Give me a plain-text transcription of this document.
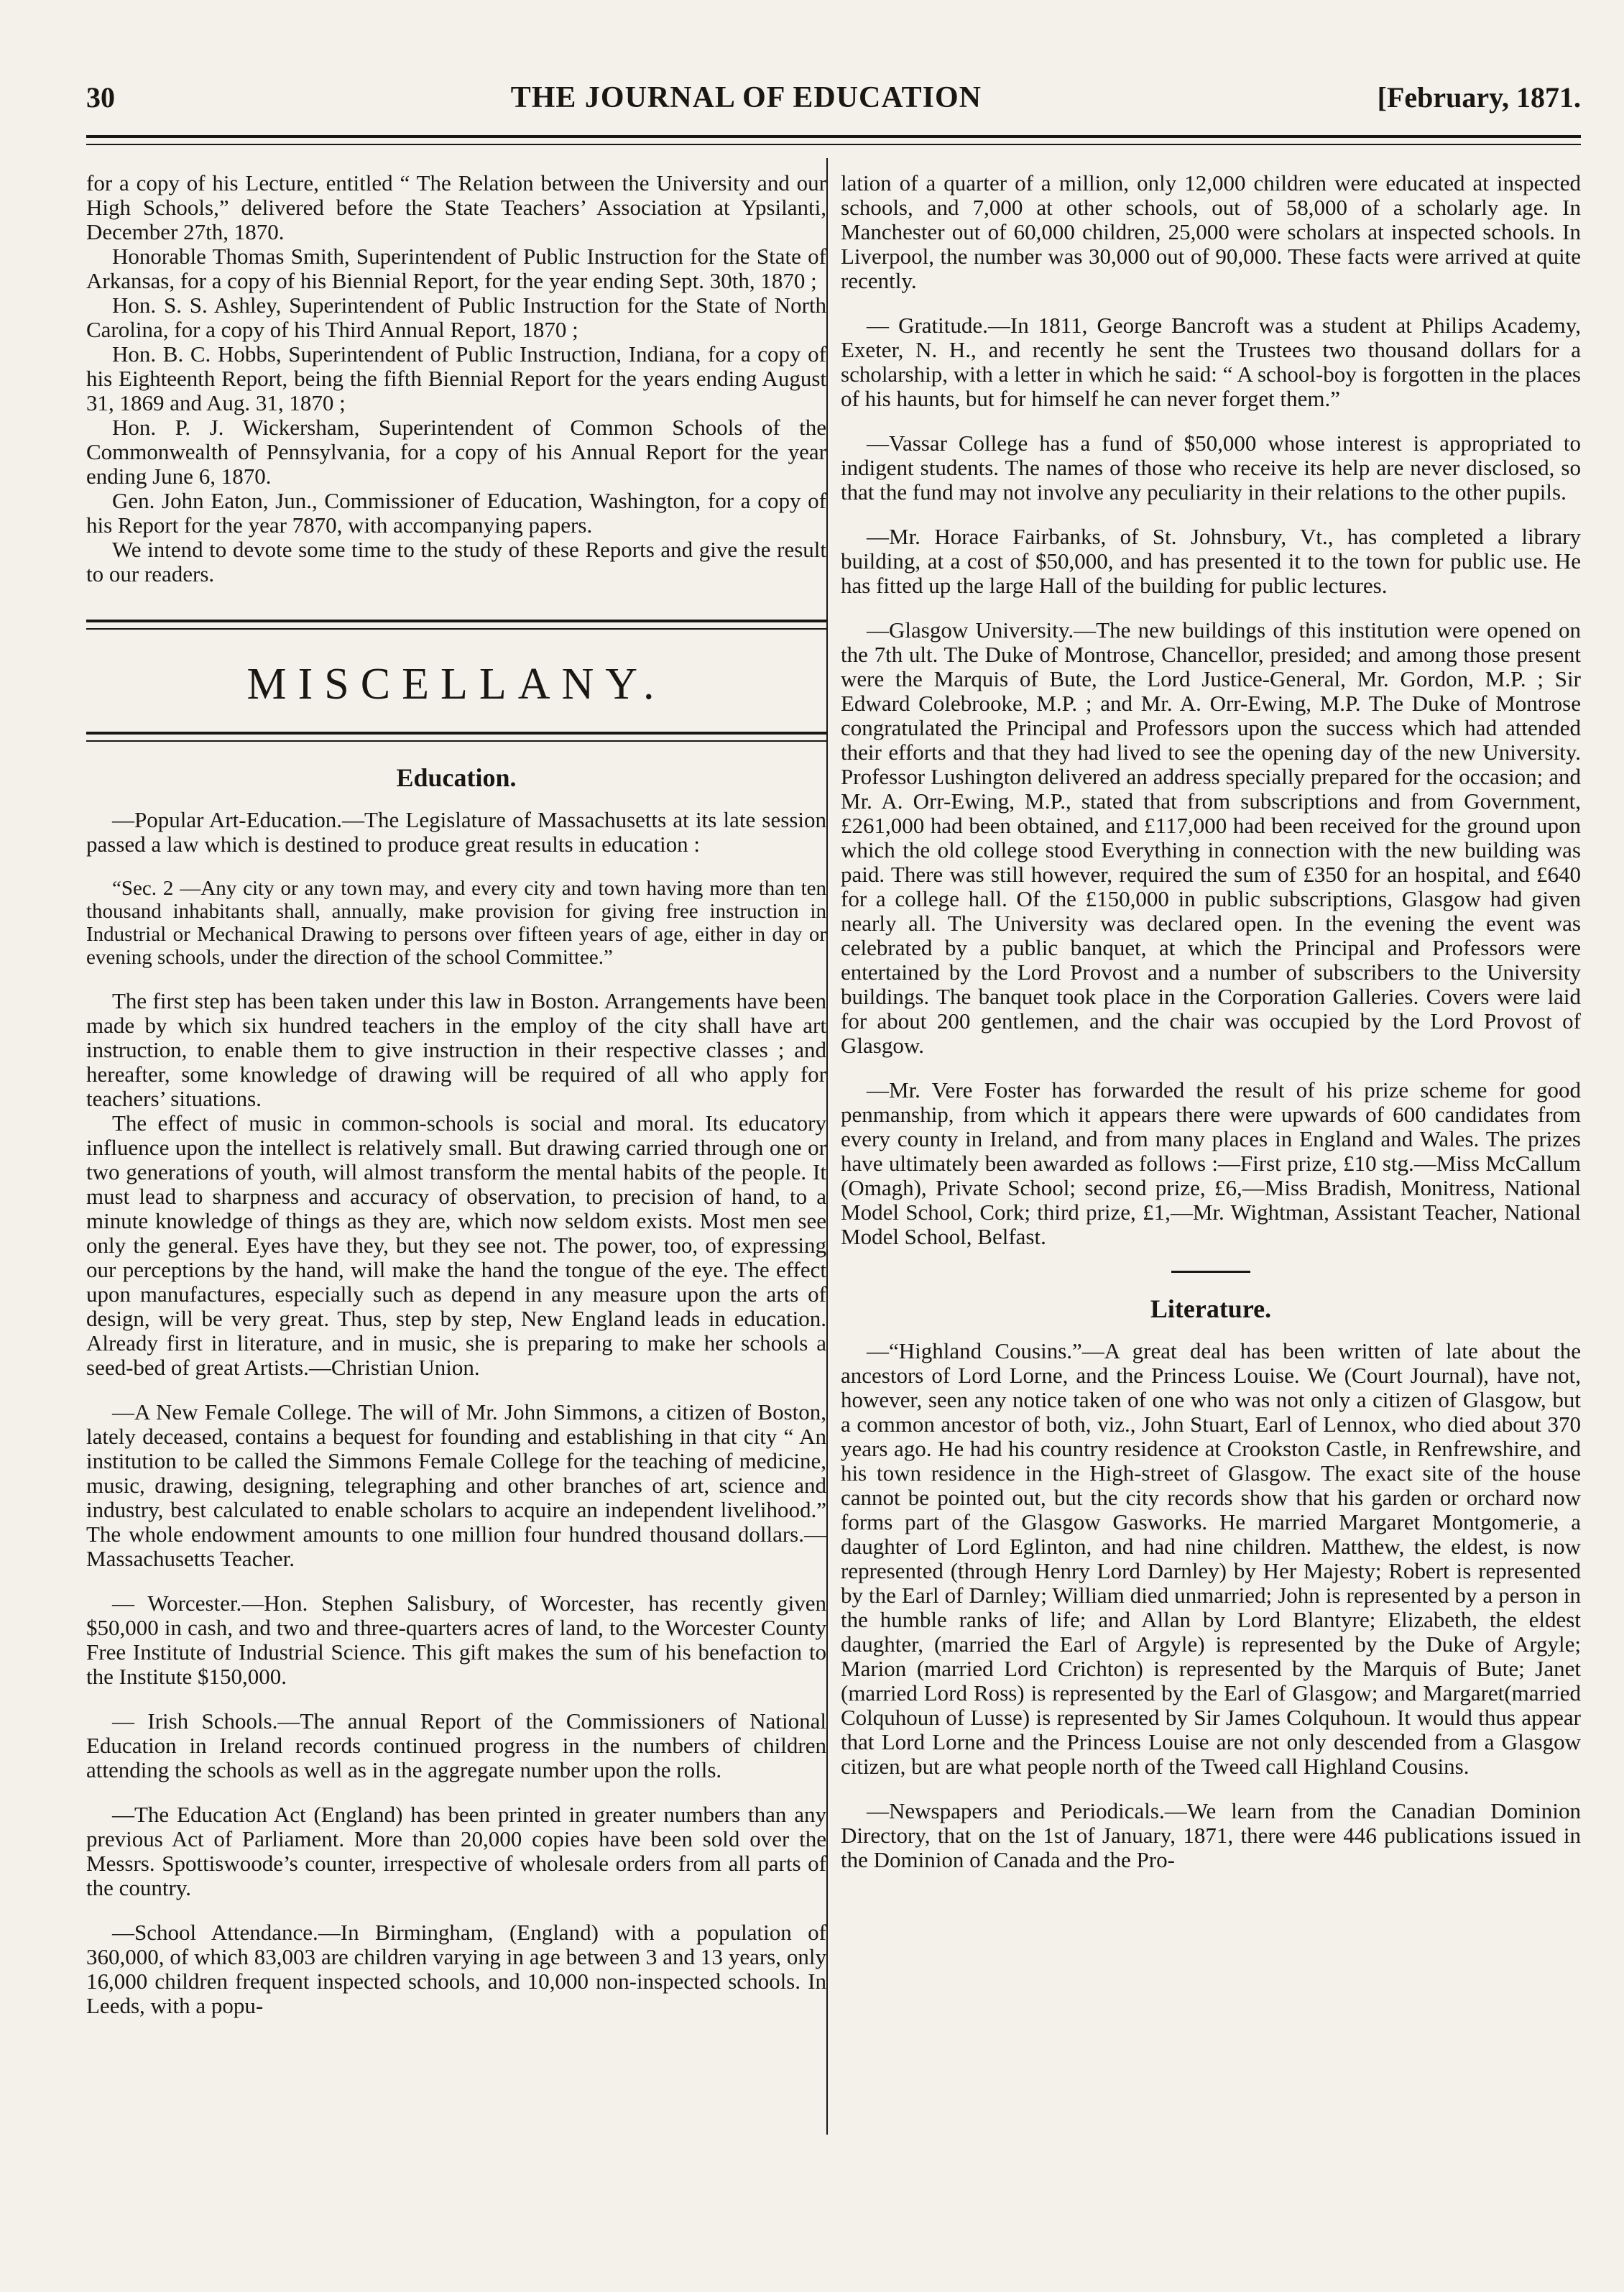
30	THE JOURNAL OF EDUCATION	[February, 1871.

for a copy of his Lecture, entitled “ The Relation between the University and our High Schools,” delivered before the State Teachers’ Association at Ypsilanti, December 27th, 1870.

Honorable Thomas Smith, Superintendent of Public Instruction for the State of Arkansas, for a copy of his Biennial Report, for the year ending Sept. 30th, 1870 ;

Hon. S. S. Ashley, Superintendent of Public Instruction for the State of North Carolina, for a copy of his Third Annual Report, 1870 ;

Hon. B. C. Hobbs, Superintendent of Public Instruction, Indiana, for a copy of his Eighteenth Report, being the fifth Biennial Report for the years ending August 31, 1869 and Aug. 31, 1870 ;

Hon. P. J. Wickersham, Superintendent of Common Schools of the Commonwealth of Pennsylvania, for a copy of his Annual Report for the year ending June 6, 1870.

Gen. John Eaton, Jun., Commissioner of Education, Washington, for a copy of his Report for the year 7870, with accompanying papers.

We intend to devote some time to the study of these Reports and give the result to our readers.

MISCELLANY.
Education.

—Popular Art-Education.—The Legislature of Massachusetts at its late session passed a law which is destined to produce great results in education :

“Sec. 2 —Any city or any town may, and every city and town having more than ten thousand inhabitants shall, annually, make provision for giving free instruction in Industrial or Mechanical Drawing to persons over fifteen years of age, either in day or evening schools, under the direction of the school Committee.”

The first step has been taken under this law in Boston. Arrangements have been made by which six hundred teachers in the employ of the city shall have art instruction, to enable them to give instruction in their respective classes ; and hereafter, some knowledge of drawing will be required of all who apply for teachers’ situations.

The effect of music in common-schools is social and moral. Its educatory influence upon the intellect is relatively small. But drawing carried through one or two generations of youth, will almost transform the mental habits of the people. It must lead to sharpness and accuracy of observation, to precision of hand, to a minute knowledge of things as they are, which now seldom exists. Most men see only the general. Eyes have they, but they see not. The power, too, of expressing our perceptions by the hand, will make the hand the tongue of the eye. The effect upon manufactures, especially such as depend in any measure upon the arts of design, will be very great. Thus, step by step, New England leads in education. Already first in literature, and in music, she is preparing to make her schools a seed-bed of great Artists.—Christian Union.

—A New Female College. The will of Mr. John Simmons, a citizen of Boston, lately deceased, contains a bequest for founding and establishing in that city “ An institution to be called the Simmons Female College for the teaching of medicine, music, drawing, designing, telegraphing and other branches of art, science and industry, best calculated to enable scholars to acquire an independent livelihood.” The whole endowment amounts to one million four hundred thousand dollars.—Massachusetts Teacher.

— Worcester.—Hon. Stephen Salisbury, of Worcester, has recently given $50,000 in cash, and two and three-quarters acres of land, to the Worcester County Free Institute of Industrial Science. This gift makes the sum of his benefaction to the Institute $150,000.

— Irish Schools.—The annual Report of the Commissioners of National Education in Ireland records continued progress in the numbers of children attending the schools as well as in the aggregate number upon the rolls.

—The Education Act (England) has been printed in greater numbers than any previous Act of Parliament. More than 20,000 copies have been sold over the Messrs. Spottiswoode’s counter, irrespective of wholesale orders from all parts of the country.

—School Attendance.—In Birmingham, (England) with a population of 360,000, of which 83,003 are children varying in age between 3 and 13 years, only 16,000 children frequent inspected schools, and 10,000 non-inspected schools. In Leeds, with a popu-

lation of a quarter of a million, only 12,000 children were educated at inspected schools, and 7,000 at other schools, out of 58,000 of a scholarly age. In Manchester out of 60,000 children, 25,000 were scholars at inspected schools. In Liverpool, the number was 30,000 out of 90,000. These facts were arrived at quite recently.

— Gratitude.—In 1811, George Bancroft was a student at Philips Academy, Exeter, N. H., and recently he sent the Trustees two thousand dollars for a scholarship, with a letter in which he said: “ A school-boy is forgotten in the places of his haunts, but for himself he can never forget them.”

—Vassar College has a fund of $50,000 whose interest is appropriated to indigent students. The names of those who receive its help are never disclosed, so that the fund may not involve any peculiarity in their relations to the other pupils.

—Mr. Horace Fairbanks, of St. Johnsbury, Vt., has completed a library building, at a cost of $50,000, and has presented it to the town for public use. He has fitted up the large Hall of the building for public lectures.

—Glasgow University.—The new buildings of this institution were opened on the 7th ult. The Duke of Montrose, Chancellor, presided; and among those present were the Marquis of Bute, the Lord Justice-General, Mr. Gordon, M.P. ; Sir Edward Colebrooke, M.P. ; and Mr. A. Orr-Ewing, M.P. The Duke of Montrose congratulated the Principal and Professors upon the success which had attended their efforts and that they had lived to see the opening day of the new University. Professor Lushington delivered an address specially prepared for the occasion; and Mr. A. Orr-Ewing, M.P., stated that from subscriptions and from Government, £261,000 had been obtained, and £117,000 had been received for the ground upon which the old college stood Everything in connection with the new building was paid. There was still however, required the sum of £350 for an hospital, and £640 for a college hall. Of the £150,000 in public subscriptions, Glasgow had given nearly all. The University was declared open. In the evening the event was celebrated by a public banquet, at which the Principal and Professors were entertained by the Lord Provost and a number of subscribers to the University buildings. The banquet took place in the Corporation Galleries. Covers were laid for about 200 gentlemen, and the chair was occupied by the Lord Provost of Glasgow.

—Mr. Vere Foster has forwarded the result of his prize scheme for good penmanship, from which it appears there were upwards of 600 candidates from every county in Ireland, and from many places in England and Wales. The prizes have ultimately been awarded as follows :—First prize, £10 stg.—Miss McCallum (Omagh), Private School; second prize, £6,—Miss Bradish, Monitress, National Model School, Cork; third prize, £1,—Mr. Wightman, Assistant Teacher, National Model School, Belfast.

Literature.

—“Highland Cousins.”—A great deal has been written of late about the ancestors of Lord Lorne, and the Princess Louise. We (Court Journal), have not, however, seen any notice taken of one who was not only a citizen of Glasgow, but a common ancestor of both, viz., John Stuart, Earl of Lennox, who died about 370 years ago. He had his country residence at Crookston Castle, in Renfrewshire, and his town residence in the High-street of Glasgow. The exact site of the house cannot be pointed out, but the city records show that his garden or orchard now forms part of the Glasgow Gasworks. He married Margaret Montgomerie, a daughter of Lord Eglinton, and had nine children. Matthew, the eldest, is now represented (through Henry Lord Darnley) by Her Majesty; Robert is represented by the Earl of Darnley; William died unmarried; John is represented by a person in the humble ranks of life; and Allan by Lord Blantyre; Elizabeth, the eldest daughter, (married the Earl of Argyle) is represented by the Duke of Argyle; Marion (married Lord Crichton) is represented by the Marquis of Bute; Janet (married Lord Ross) is represented by the Earl of Glasgow; and Margaret(married Colquhoun of Lusse) is represented by Sir James Colquhoun. It would thus appear that Lord Lorne and the Princess Louise are not only descended from a Glasgow citizen, but are what people north of the Tweed call Highland Cousins.

—Newspapers and Periodicals.—We learn from the Canadian Dominion Directory, that on the 1st of January, 1871, there were 446 publications issued in the Dominion of Canada and the Pro-
